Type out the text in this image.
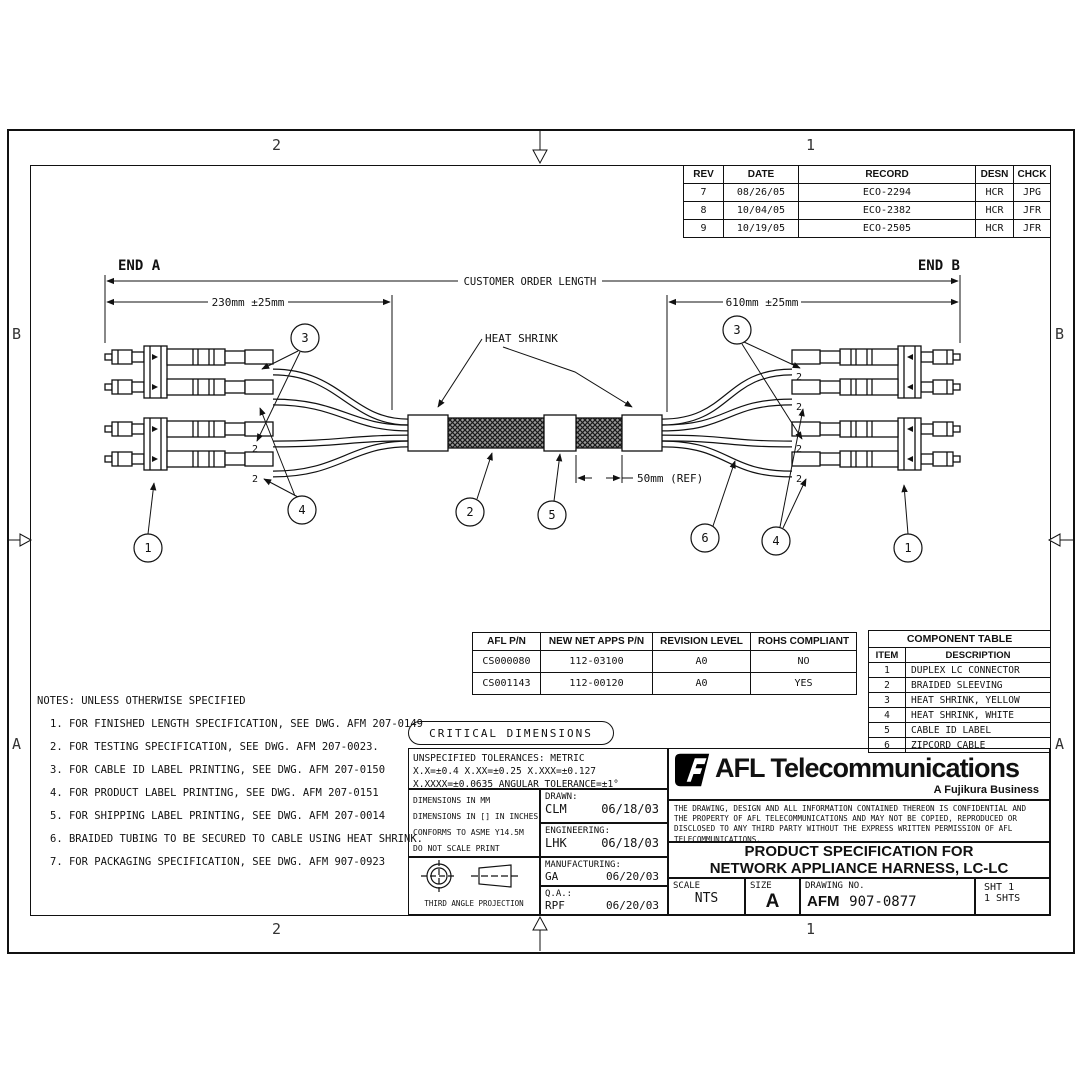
2	1
2	1
B
A
B
A
REV	DATE	RECORD	DESN	CHCK
7	08/26/05	ECO-2294	HCR	JPG
8	10/04/05	ECO-2382	HCR	JFR
9	10/19/05	ECO-2505	HCR	JFR
2
2
2
2
2
2
END A	END B
CUSTOMER ORDER LENGTH
230mm ±25mm	610mm ±25mm
50mm (REF)
HEAT SHRINK
3
3
1
4	2	5
6	4	1
AFL P/N	NEW NET APPS P/N	REVISION LEVEL	ROHS COMPLIANT
CS000080	112-03100	A0	NO
CS001143	112-00120	A0	YES
COMPONENT TABLE	
ITEM	DESCRIPTION
1	DUPLEX LC CONNECTOR
2	BRAIDED SLEEVING
3	HEAT SHRINK, YELLOW
4	HEAT SHRINK, WHITE
5	CABLE ID LABEL
6	ZIPCORD CABLE
NOTES: UNLESS OTHERWISE SPECIFIED
1. FOR FINISHED LENGTH SPECIFICATION, SEE DWG. AFM 207-0149
2. FOR TESTING SPECIFICATION, SEE DWG. AFM 207-0023.
3. FOR CABLE ID LABEL PRINTING, SEE DWG. AFM 207-0150
4. FOR PRODUCT LABEL PRINTING, SEE DWG. AFM 207-0151
5. FOR SHIPPING LABEL PRINTING, SEE DWG. AFM 207-0014
6. BRAIDED TUBING TO BE SECURED TO CABLE USING HEAT SHRINK.
7. FOR PACKAGING SPECIFICATION, SEE DWG. AFM 907-0923
CRITICAL DIMENSIONS
UNSPECIFIED TOLERANCES: METRIC
X.X=±0.4 X.XX=±0.25 X.XXX=±0.127
X.XXXX=±0.0635 ANGULAR TOLERANCE=±1°
DIMENSIONS IN MM
DIMENSIONS IN [] IN INCHES
CONFORMS TO ASME Y14.5M
DO NOT SCALE PRINT
DRAWN:
CLM	06/18/03
ENGINEERING:
LHK	06/18/03
THIRD ANGLE PROJECTION
MANUFACTURING:
GA	06/20/03
Q.A.:
RPF	06/20/03
AFL Telecommunications
A Fujikura Business
THE DRAWING, DESIGN AND ALL INFORMATION CONTAINED THEREON IS CONFIDENTIAL AND THE PROPERTY OF AFL TELECOMMUNICATIONS AND MAY NOT BE COPIED, REPRODUCED OR DISCLOSED TO ANY THIRD PARTY WITHOUT THE EXPRESS WRITTEN PERMISSION OF AFL TELECOMMUNICATIONS.
PRODUCT SPECIFICATION FOR
NETWORK APPLIANCE HARNESS, LC-LC
SCALE
NTS
SIZE
A
DRAWING NO.
AFM 907-0877
SHT 1
1 SHTS
